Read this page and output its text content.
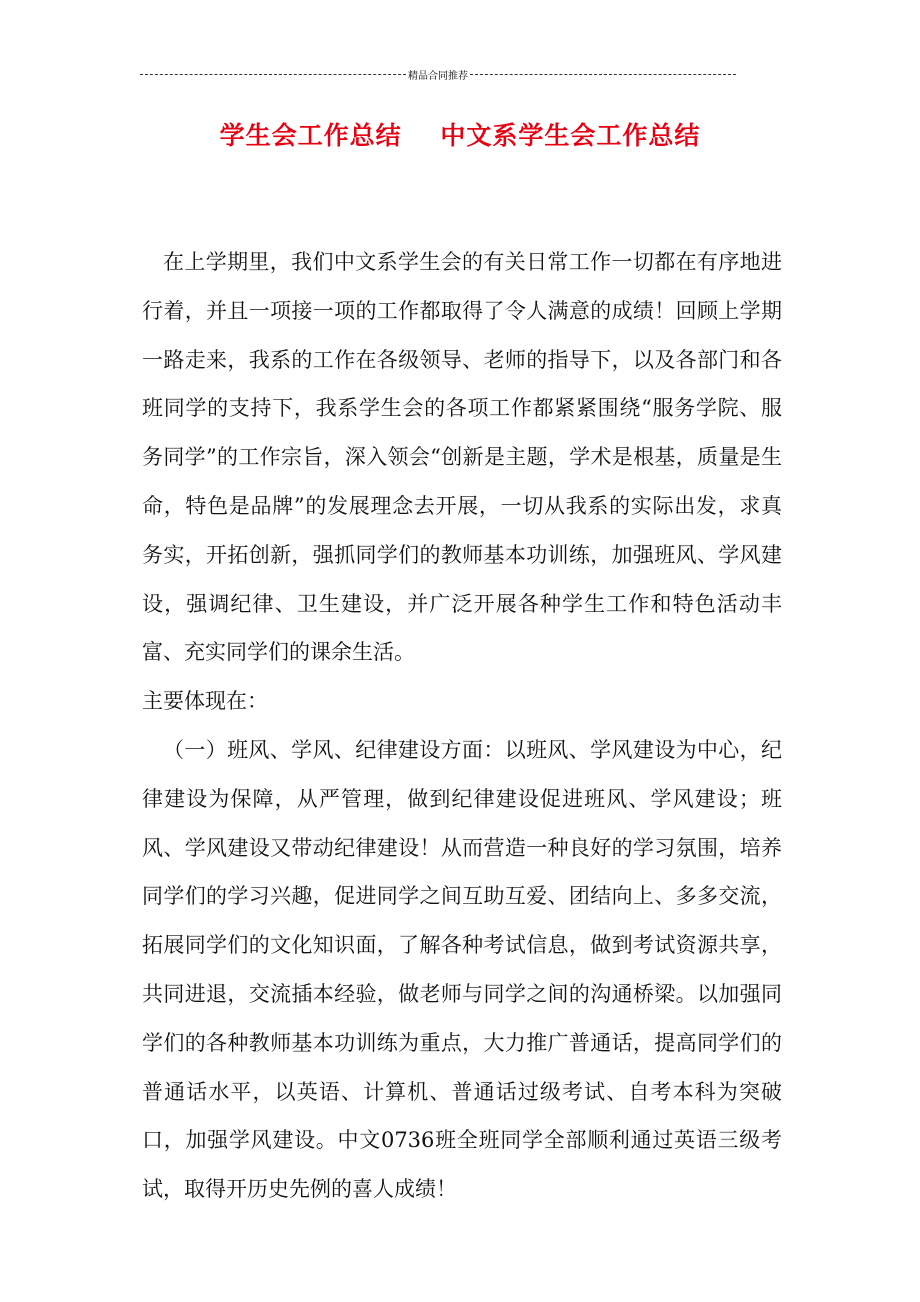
精品合同推荐
学生会工作总结    中文系学生会工作总结

在上学期里，我们中文系学生会的有关日常工作一切都在有序地进行着，并且一项接一项的工作都取得了令人满意的成绩！回顾上学期一路走来，我系的工作在各级领导、老师的指导下，以及各部门和各班同学的支持下，我系学生会的各项工作都紧紧围绕“服务学院、服务同学”的工作宗旨，深入领会“创新是主题，学术是根基，质量是生命，特色是品牌”的发展理念去开展，一切从我系的实际出发，求真务实，开拓创新，强抓同学们的教师基本功训练，加强班风、学风建设，强调纪律、卫生建设，并广泛开展各种学生工作和特色活动丰富、充实同学们的课余生活。

主要体现在：

（一）班风、学风、纪律建设方面：以班风、学风建设为中心，纪律建设为保障，从严管理，做到纪律建设促进班风、学风建设；班风、学风建设又带动纪律建设！从而营造一种良好的学习氛围，培养同学们的学习兴趣，促进同学之间互助互爱、团结向上、多多交流，拓展同学们的文化知识面，了解各种考试信息，做到考试资源共享，共同进退，交流插本经验，做老师与同学之间的沟通桥梁。以加强同学们的各种教师基本功训练为重点，大力推广普通话，提高同学们的普通话水平，以英语、计算机、普通话过级考试、自考本科为突破口，加强学风建设。中文0736班全班同学全部顺利通过英语三级考试，取得开历史先例的喜人成绩！
